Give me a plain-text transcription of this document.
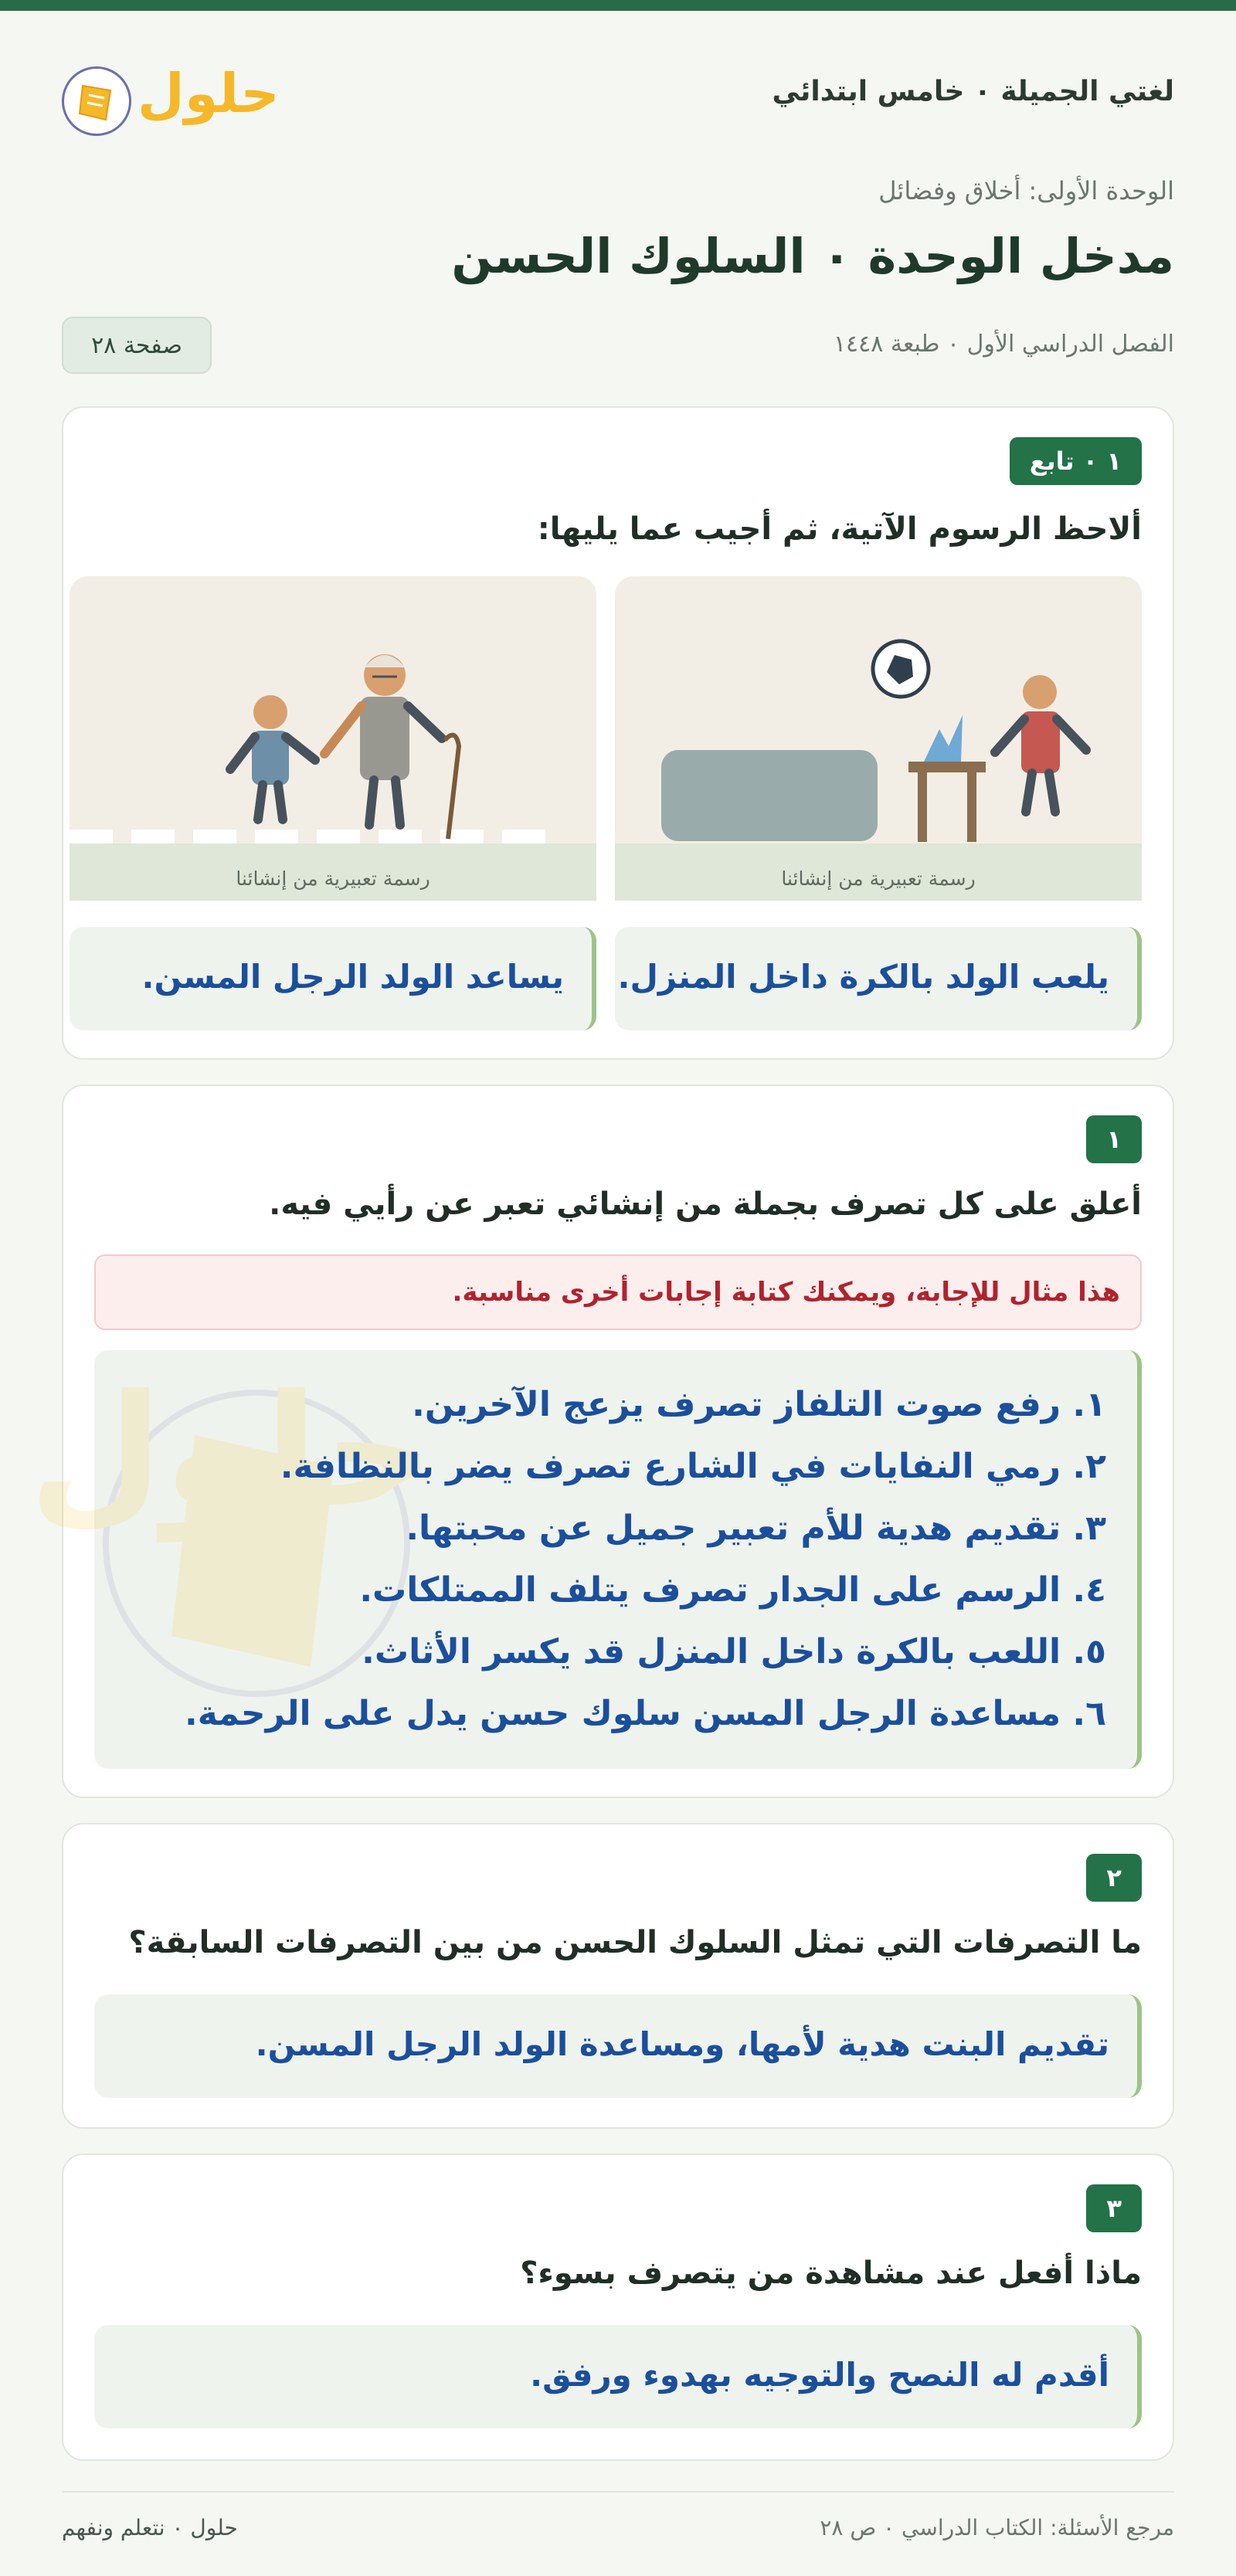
لغتي الجميلة ٠ خامس ابتدائي
حلول
الوحدة الأولى: أخلاق وفضائل
مدخل الوحدة ٠ السلوك الحسن
الفصل الدراسي الأول ٠ طبعة ١٤٤٨
صفحة ٢٨
١ ٠ تابع
ألاحظ الرسوم الآتية، ثم أجيب عما يليها:
رسمة تعبيرية من إنشائنا
رسمة تعبيرية من إنشائنا
يلعب الولد بالكرة داخل المنزل.
يساعد الولد الرجل المسن.
١
أعلق على كل تصرف بجملة من إنشائي تعبر عن رأيي فيه.
هذا مثال للإجابة، ويمكنك كتابة إجابات أخرى مناسبة.
حلول
١. رفع صوت التلفاز تصرف يزعج الآخرين.
٢. رمي النفايات في الشارع تصرف يضر بالنظافة.
٣. تقديم هدية للأم تعبير جميل عن محبتها.
٤. الرسم على الجدار تصرف يتلف الممتلكات.
٥. اللعب بالكرة داخل المنزل قد يكسر الأثاث.
٦. مساعدة الرجل المسن سلوك حسن يدل على الرحمة.
٢
ما التصرفات التي تمثل السلوك الحسن من بين التصرفات السابقة؟
تقديم البنت هدية لأمها، ومساعدة الولد الرجل المسن.
٣
ماذا أفعل عند مشاهدة من يتصرف بسوء؟
أقدم له النصح والتوجيه بهدوء ورفق.
مرجع الأسئلة: الكتاب الدراسي ٠ ص ٢٨
حلول ٠ نتعلم ونفهم
